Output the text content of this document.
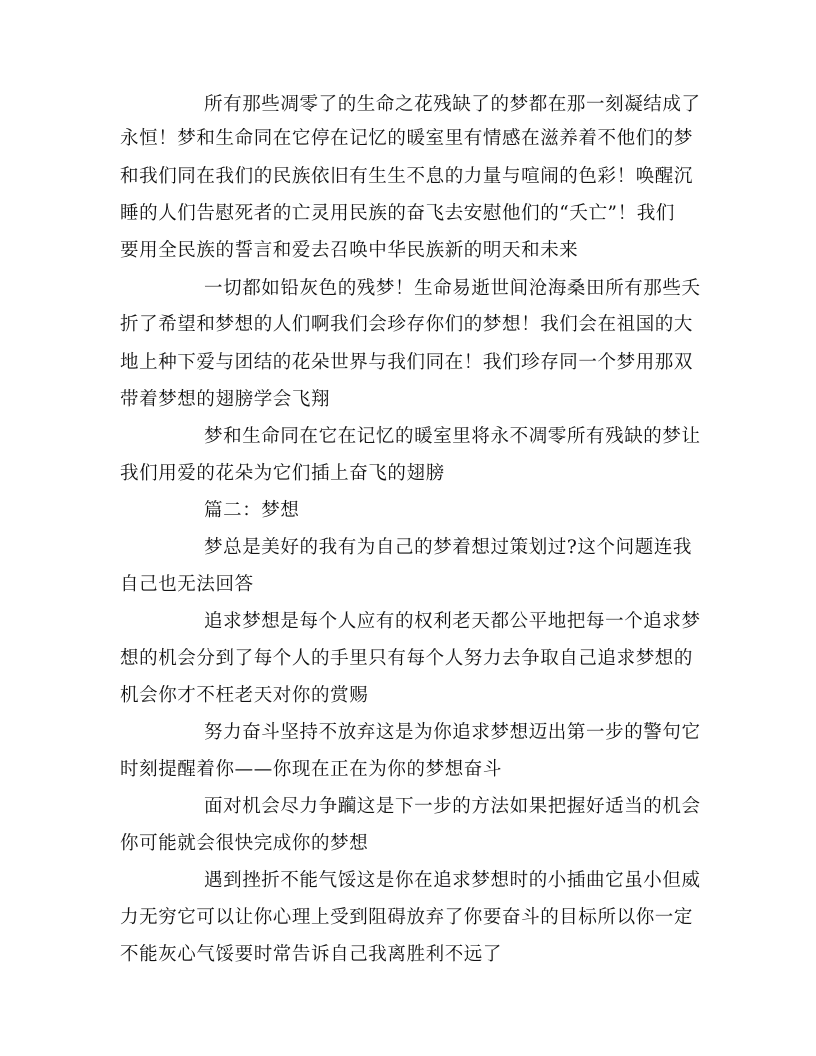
所有那些凋零了的生命之花残缺了的梦都在那一刻凝结成了
永恒！梦和生命同在它停在记忆的暖室里有情感在滋养着不他们的梦
和我们同在我们的民族依旧有生生不息的力量与喧闹的色彩！唤醒沉
睡的人们告慰死者的亡灵用民族的奋飞去安慰他们的“夭亡”！我们
要用全民族的誓言和爱去召唤中华民族新的明天和未来
一切都如铅灰色的残梦！生命易逝世间沧海桑田所有那些夭
折了希望和梦想的人们啊我们会珍存你们的梦想！我们会在祖国的大
地上种下爱与团结的花朵世界与我们同在！我们珍存同一个梦用那双
带着梦想的翅膀学会飞翔
梦和生命同在它在记忆的暖室里将永不凋零所有残缺的梦让
我们用爱的花朵为它们插上奋飞的翅膀
篇二：梦想
梦总是美好的我有为自己的梦着想过策划过?这个问题连我
自己也无法回答
追求梦想是每个人应有的权利老天都公平地把每一个追求梦
想的机会分到了每个人的手里只有每个人努力去争取自己追求梦想的
机会你才不枉老天对你的赏赐
努力奋斗坚持不放弃这是为你追求梦想迈出第一步的警句它
时刻提醒着你——你现在正在为你的梦想奋斗
面对机会尽力争躏这是下一步的方法如果把握好适当的机会
你可能就会很快完成你的梦想
遇到挫折不能气馁这是你在追求梦想时的小插曲它虽小但威
力无穷它可以让你心理上受到阻碍放弃了你要奋斗的目标所以你一定
不能灰心气馁要时常告诉自己我离胜利不远了
